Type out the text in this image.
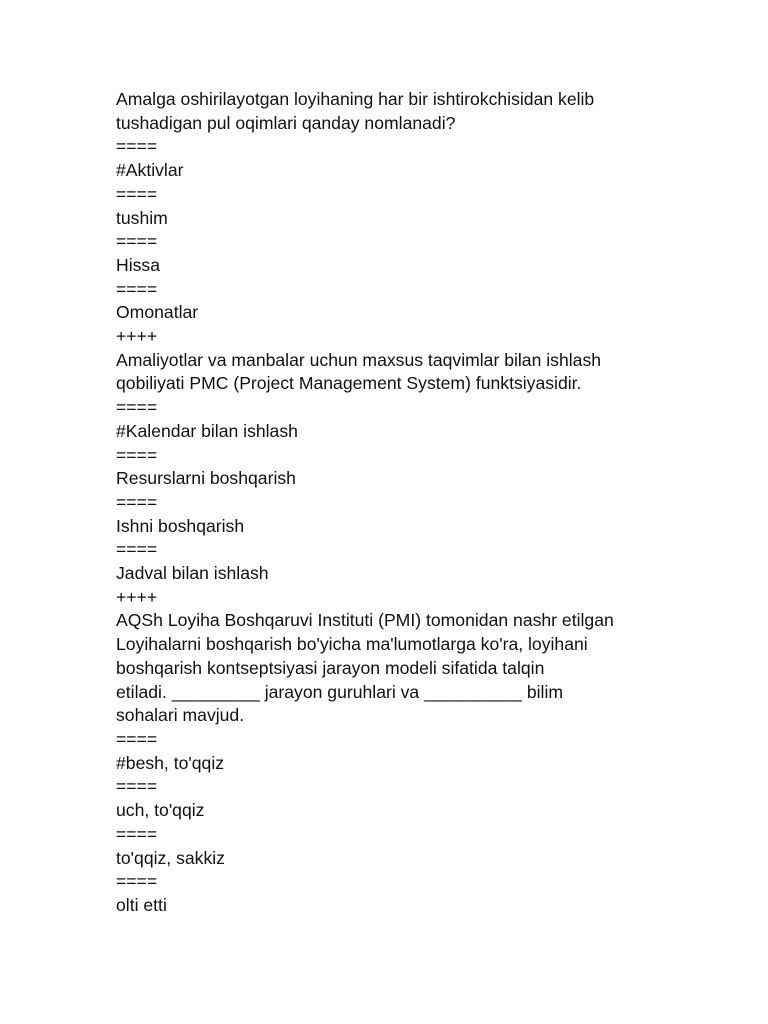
Amalga oshirilayotgan loyihaning har bir ishtirokchisidan kelib
tushadigan pul oqimlari qanday nomlanadi?
====
#Aktivlar
====
tushim
====
Hissa
====
Omonatlar
++++
Amaliyotlar va manbalar uchun maxsus taqvimlar bilan ishlash
qobiliyati PMC (Project Management System) funktsiyasidir.
====
#Kalendar bilan ishlash
====
Resurslarni boshqarish
====
Ishni boshqarish
====
Jadval bilan ishlash
++++
AQSh Loyiha Boshqaruvi Instituti (PMI) tomonidan nashr etilgan
Loyihalarni boshqarish bo'yicha ma'lumotlarga ko'ra, loyihani
boshqarish kontseptsiyasi jarayon modeli sifatida talqin
etiladi. _________ jarayon guruhlari va __________ bilim
sohalari mavjud.
====
#besh, to'qqiz
====
uch, to'qqiz
====
to'qqiz, sakkiz
====
olti etti
